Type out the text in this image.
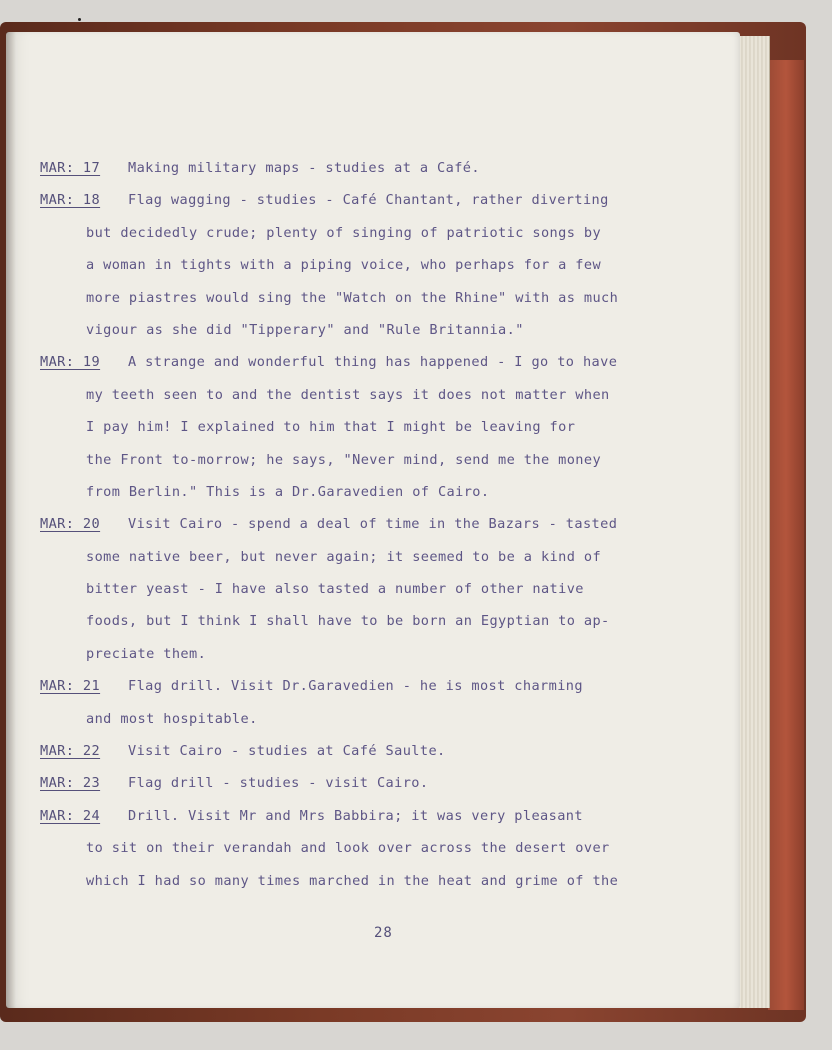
MAR: 17 Making military maps - studies at a Café.
MAR: 18 Flag wagging - studies - Café Chantant, rather diverting
but decidedly crude; plenty of singing of patriotic songs by
a woman in tights with a piping voice, who perhaps for a few
more piastres would sing the "Watch on the Rhine" with as much
vigour as she did "Tipperary" and "Rule Britannia."
MAR: 19 A strange and wonderful thing has happened - I go to have
my teeth seen to and the dentist says it does not matter when
I pay him! I explained to him that I might be leaving for
the Front to-morrow; he says, "Never mind, send me the money
from Berlin." This is a Dr.Garavedien of Cairo.
MAR: 20 Visit Cairo - spend a deal of time in the Bazars - tasted
some native beer, but never again; it seemed to be a kind of
bitter yeast - I have also tasted a number of other native
foods, but I think I shall have to be born an Egyptian to ap-
preciate them.
MAR: 21 Flag drill. Visit Dr.Garavedien - he is most charming
and most hospitable.
MAR: 22 Visit Cairo - studies at Café Saulte.
MAR: 23 Flag drill - studies - visit Cairo.
MAR: 24 Drill. Visit Mr and Mrs Babbira; it was very pleasant
to sit on their verandah and look over across the desert over
which I had so many times marched in the heat and grime of the
28
